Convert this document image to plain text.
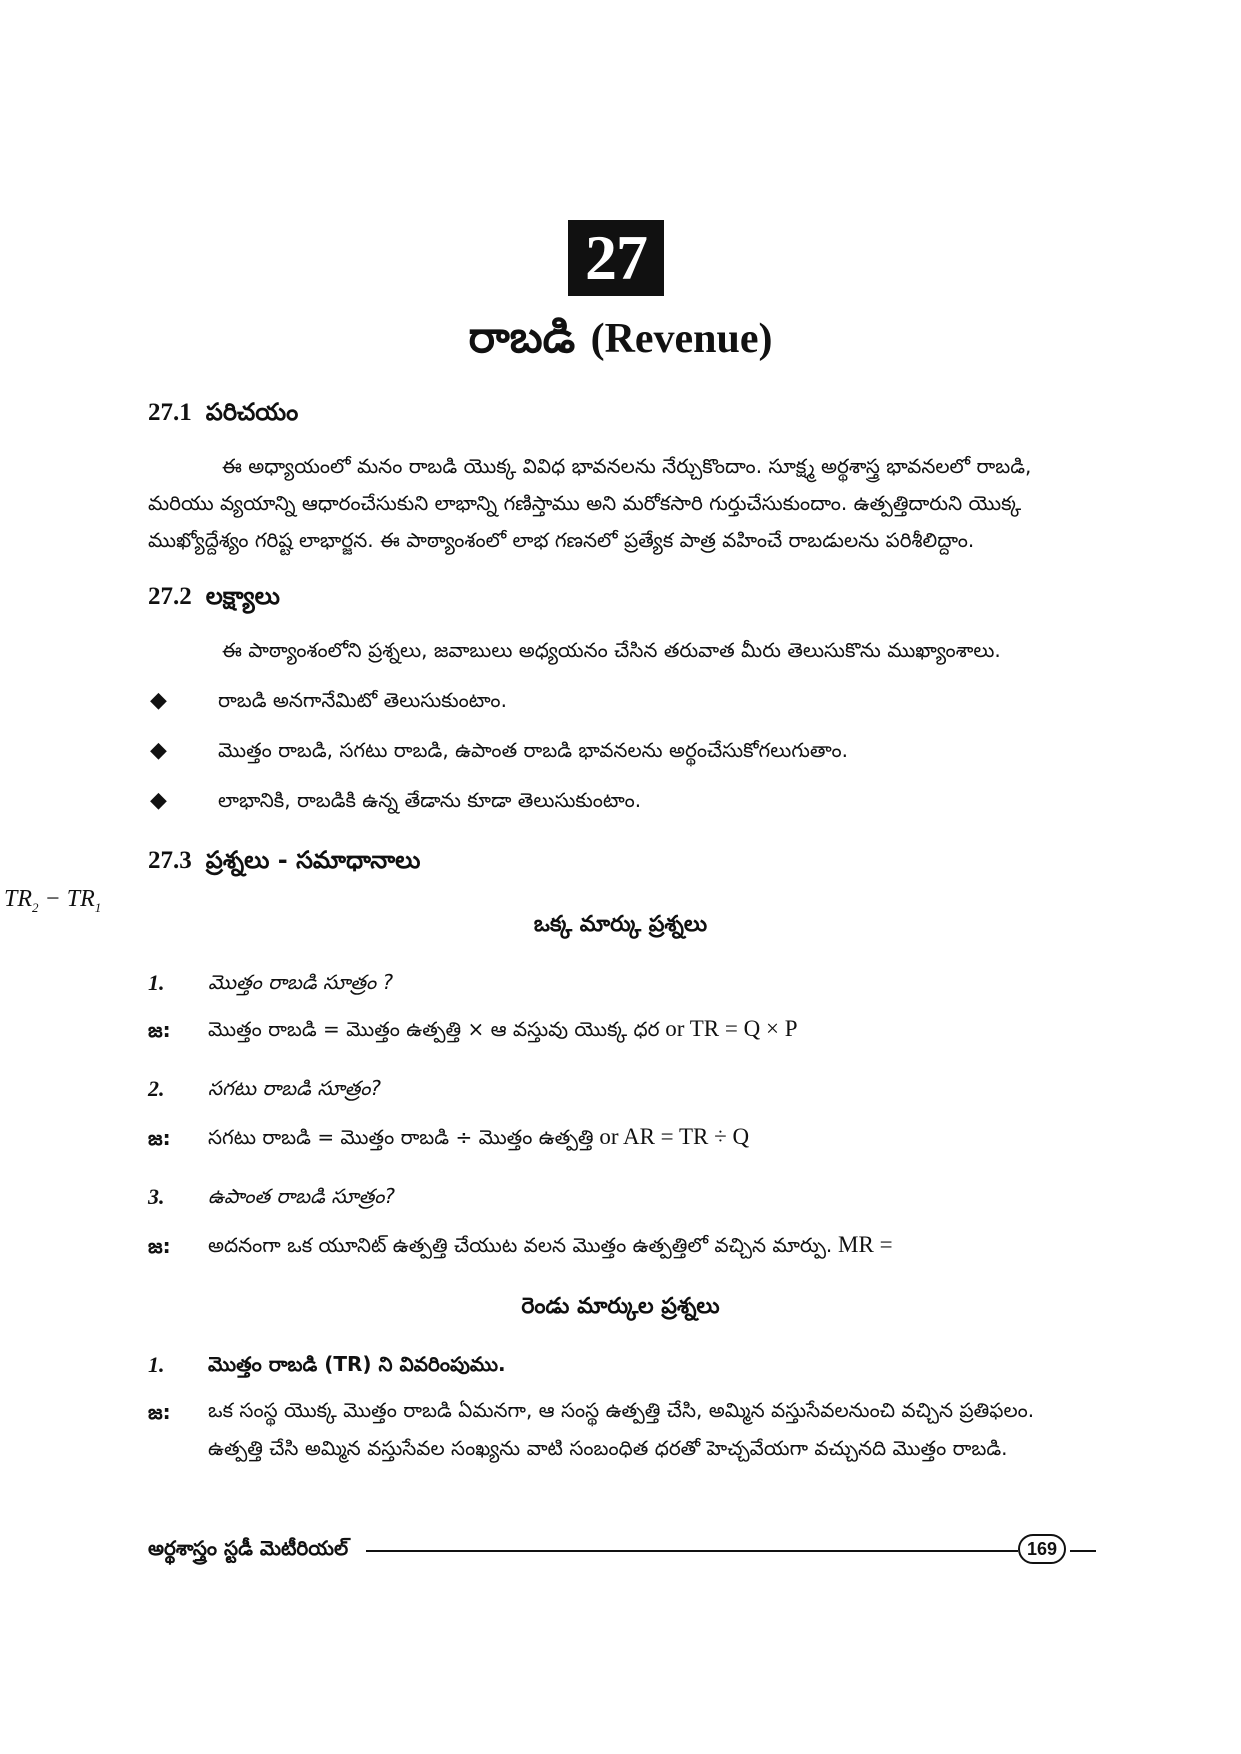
27
రాబడి (Revenue)
27.1 పరిచయం
ఈ అధ్యాయంలో మనం రాబడి యొక్క వివిధ భావనలను నేర్చుకొందాం. సూక్ష్మ అర్థశాస్త్ర భావనలలో రాబడి,
మరియు వ్యయాన్ని ఆధారంచేసుకుని లాభాన్ని గణిస్తాము అని మరోకసారి గుర్తుచేసుకుందాం. ఉత్పత్తిదారుని యొక్క
ముఖ్యోద్దేశ్యం గరిష్ట లాభార్జన. ఈ పాఠ్యాంశంలో లాభ గణనలో ప్రత్యేక పాత్ర వహించే రాబడులను పరిశీలిద్దాం.
27.2 లక్ష్యాలు
ఈ పాఠ్యాంశంలోని ప్రశ్నలు, జవాబులు అధ్యయనం చేసిన తరువాత మీరు తెలుసుకొను ముఖ్యాంశాలు.
◆	రాబడి అనగానేమిటో తెలుసుకుంటాం.
◆	మొత్తం రాబడి, సగటు రాబడి, ఉపాంత రాబడి భావనలను అర్థంచేసుకోగలుగుతాం.
◆	లాభానికి, రాబడికి ఉన్న తేడాను కూడా తెలుసుకుంటాం.
27.3 ప్రశ్నలు - సమాధానాలు
$TR_2 - TR_1$
ఒక్క మార్కు ప్రశ్నలు
1. మొత్తం రాబడి సూత్రం ?
జ: మొత్తం రాబడి = మొత్తం ఉత్పత్తి × ఆ వస్తువు యొక్క ధర or TR = Q × P
2. సగటు రాబడి సూత్రం?
జ: సగటు రాబడి = మొత్తం రాబడి ÷ మొత్తం ఉత్పత్తి or AR = TR ÷ Q
3. ఉపాంత రాబడి సూత్రం?
జ: అదనంగా ఒక యూనిట్ ఉత్పత్తి చేయుట వలన మొత్తం ఉత్పత్తిలో వచ్చిన మార్పు. MR =
రెండు మార్కుల ప్రశ్నలు
1. మొత్తం రాబడి (TR) ని వివరింపుము.
జ: ఒక సంస్థ యొక్క మొత్తం రాబడి ఏమనగా, ఆ సంస్థ ఉత్పత్తి చేసి, అమ్మిన వస్తుసేవలనుంచి వచ్చిన ప్రతిఫలం.
ఉత్పత్తి చేసి అమ్మిన వస్తుసేవల సంఖ్యను వాటి సంబంధిత ధరతో హెచ్చవేయగా వచ్చునది మొత్తం రాబడి.
అర్థశాస్త్రం స్టడీ మెటీరియల్	169
